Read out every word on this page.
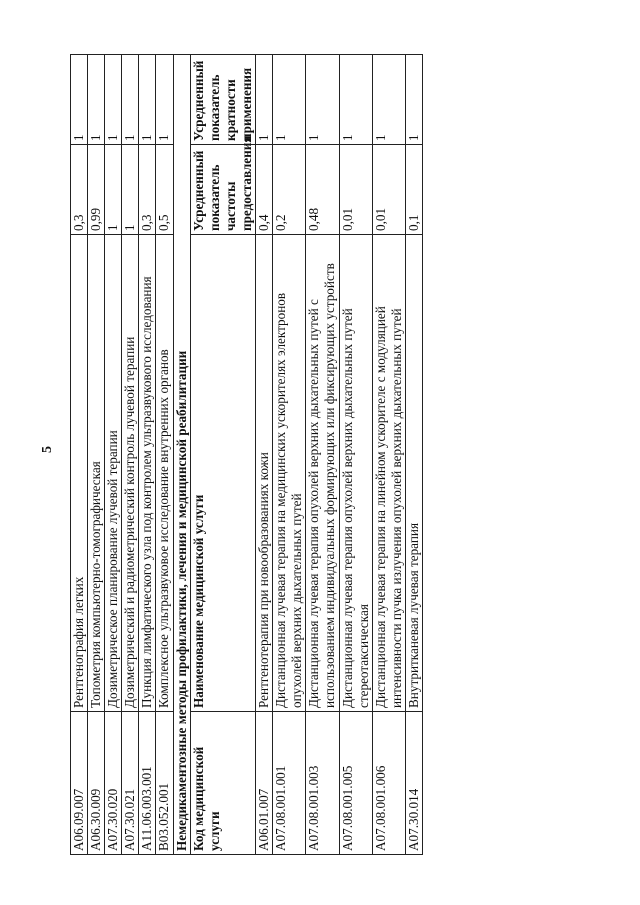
5
A06.09.007	Рентгенография легких	0,3	1
A06.30.009	Топометрия компьютерно-томографическая	0,99	1
A07.30.020	Дозиметрическое планирование лучевой терапии	1	1
A07.30.021	Дозиметрический и радиометрический контроль лучевой терапии	1	1
A11.06.003.001	Пункция лимфатического узла под контролем ультразвукового исследования	0,3	1
B03.052.001	Комплексное ультразвуковое исследование внутренних органов	0,5	1
Немедикаментозные методы профилактики, лечения и медицинской реабилитации			
Код медицинской услуги	Наименование медицинской услуги	Усредненный показатель частоты предоставления	Усредненный показатель кратности применения
A06.01.007	Рентгенотерапия при новообразованиях кожи	0,4	1
A07.08.001.001	Дистанционная лучевая терапия на медицинских ускорителях электронов опухолей верхних дыхательных путей	0,2	1
A07.08.001.003	Дистанционная лучевая терапия опухолей верхних дыхательных путей с использованием индивидуальных формирующих или фиксирующих устройств	0,48	1
A07.08.001.005	Дистанционная лучевая терапия опухолей верхних дыхательных путей стереотаксическая	0,01	1
A07.08.001.006	Дистанционная лучевая терапия на линейном ускорителе с модуляцией интенсивности пучка излучения опухолей верхних дыхательных путей	0,01	1
A07.30.014	Внутритканевая лучевая терапия	0,1	1
